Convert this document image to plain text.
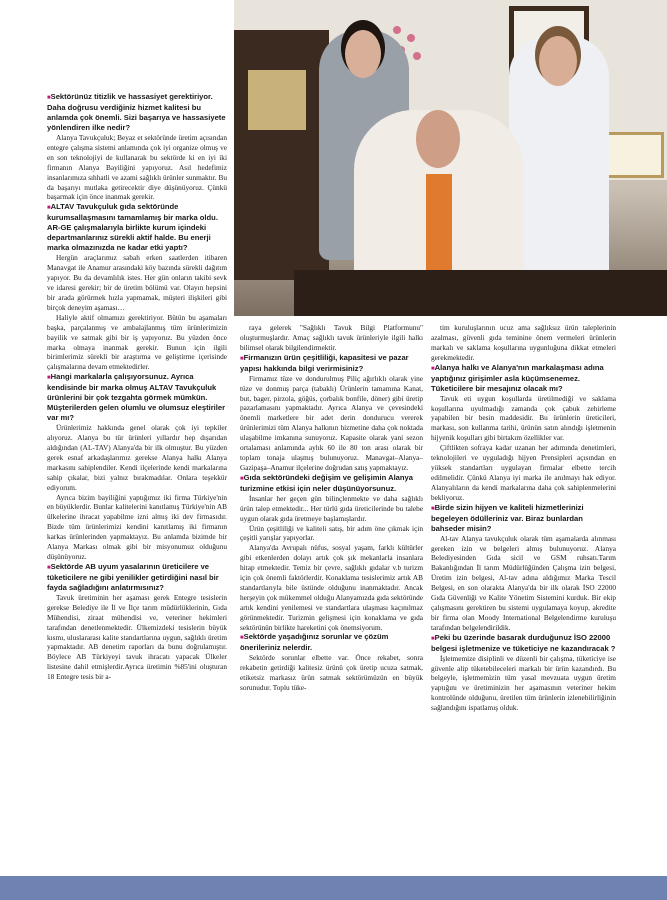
■ Sektörünüz titizlik ve hassasiyet gerektiriyor. Daha doğrusu verdiğiniz hizmet kalitesi bu anlamda çok önemli. Sizi başarıya ve hassasiyete yönlendiren ilke nedir?

Alanya Tavukçuluk; Beyaz et sektöründe üretim açısından entegre çalışma sistemi anlamında çok iyi organize olmuş ve en son teknolojiyi de kullanarak bu sektörde ki en iyi iki firmanın Alanya Bayiliğini yapıyoruz. Asıl hedefimiz insanlarımıza sıhhatli ve azami sağlıklı ürünler sunmaktır. Bu da başarıyı mutlaka getirecektir diye düşünüyoruz. Çünkü başarmak için önce inanmak gerekir.

■ ALTAV Tavukçuluk gıda sektöründe kurumsallaşmasını tamamlamış bir marka oldu. AR-GE çalışmalarıyla birlikte kurum içindeki departmanlarınız sürekli aktif halde. Bu enerji marka olmazınızda ne kadar etki yaptı?

Hergün araçlarımız sabah erken saatlerden itibaren Manavgat ile Anamur arasındaki köy bazında sürekli dağıtım yapıyor. Bu da devamlılık istes. Her gün onların takibi sevk ve idaresi gerekir; bir de üretim bölümü var. Olayın hepsini bir arada görürmek hızla yapmamak, müşteri ilişkileri gibi birçok deneyim aşaması…

Haliyle aktif olmamızı gerektiriyor. Bütün bu aşamaları başka, parçalanmış ve ambalajlanmış tüm ürünlerimizin bayilik ve satmak gibi bir iş yapıyoruz. Bu yüzden önce marka olmaya inanmak gerekir. Bunun için ilgili birimlerimiz sürekli bir araştırma ve geliştirme içerisinde çalışmalarına devam etmektedirler.

■ Hangi markalarla çalışıyorsunuz. Ayrıca kendisinde bir marka olmuş ALTAV Tavukçuluk ürünlerini bir çok tezgahta görmek mümkün. Müşterilerden gelen olumlu ve olumsuz eleştiriler var mı?

Ürünlerimiz hakkında genel olarak çok iyi tepkiler alıyoruz. Alanya bu tür ürünleri yıllardır hep dışarıdan aldığından (AL-TAV) Alanya'da bir ilk olmuştur. Bu yüzden gerek esnaf arkadaşlarımız gerekse Alanya halkı Alanya markasını sahiplendiler. Kendi ilçelerinde kendi markalarına sahip çıkalar, bizi yalnız bırakmadılar. Onlara teşekkür ediyorum.

Ayrıca bizim bayiliğini yaptığımız iki firma Türkiye'nin en büyüklerdir. Bunlar kalitelerini kanıtlamış Türkiye'nin AB ülkelerine ihracat yapabilme izni almış iki dev firmasıdır. Bizde tüm ürünlerimizi kendini kanıtlamış iki firmanın karkas ürünlerinden yapmaktayız. Bu anlamda bizimde bir Alanya Markası olmak gibi bir misyonumuz olduğunu düşünüyoruz.

■ Sektörde AB uyum yasalarının üreticilere ve tüketicilere ne gibi yenilikler getirdiğini nasıl bir fayda sağladığını anlatırmısınız?

Tavuk üretiminin her aşaması gerek Entegre tesislerin gerekse Belediye ile İl ve İlçe tarım müdürlüklerinin, Gıda Mühendisi, ziraat mühendisi ve, veteriner hekimleri tarafından denetlenmektedir. Ülkemizdeki tesislerin büyük kısmı, uluslararası kalite standartlarına uygun, sağlıklı üretim yapmaktadır. AB denetim raporları da bunu doğrulamıştır. Böylece AB Türkiyeyi tavuk ihracatı yapacak Ülkeler listesine dahil etmişlerdir.Ayrıca üretimin %85'ini oluşturan 18 Entegre tesis bir a-

raya gelerek "Sağlıklı Tavuk Bilgi Platformunu" oluşturmuşlardır. Amaç sağlıklı tavuk ürünleriyle ilgili halkı bilimsel olarak bilgilendirmektir.

■ Firmanızın ürün çeşitliliği, kapasitesi ve pazar yapısı hakkında bilgi verirmisiniz?

Firmamız tüze ve dondurulmuş Piliç ağırlıklı olarak yine tüze ve donmuş parça (tabaklı) Ürünlerin tamamına Kanat, but, bager, pirzola, göğüs, çorbalık bonfile, döner) gibi üretip pazarlamasını yapmaktadır. Ayrıca Alanya ve çevesindeki önemli marketlere bir adet derin dondurucu vererek ürünlerimizi tüm Alanya halkının hizmetine daha çok noktada ulaşabilme imkanına sunuyoruz. Kapasite olarak yani sezon ortalaması anlamında aylık 60 ile 80 ton arası olarak bir toplam tonaja ulaşmış bulunuyoruz. Manavgat–Alanya–Gazipaşa–Anamur ilçelerine doğrudan satış yapmaktayız.

■ Gıda sektöründeki değişim ve gelişimin Alanya turizmine etkisi için neler düşünüyorsunuz.

İnsanlar her geçen gün bilinçlenmekte ve daha sağlıklı ürün talep etmektedir... Her türlü gıda üreticilerinde bu talebe uygun olarak gıda üretmeye başlamışlardır.

Ürün çeşitliliği ve kaliteli satış, bir adım öne çıkmak için çeşitli yarışlar yapıyorlar.

Alanya'da Avrupalı nüfus, sosyal yaşam, farklı kültürler gibi etkenlerden dolayı artık çok şık mekanlarla insanlara hitap etmektedir. Temiz bir çevre, sağlıklı gıdalar v.b turizm için çok önemli faktörlerdir. Konaklama tesislerimiz artık AB standartlarıyla bile üstünde olduğunu inanmaktadır. Ancak herşeyin çok mükemmel olduğu Alanyamızda gıda sektöründe artık kendini yenilemesi ve standartlara ulaşması kaçınılmaz görünmektedir. Turizmin gelişmesi için konaklama ve gıda sektörünün birlikte hareketini çok önemsiyorum.

■ Sektörde yaşadığınız sorunlar ve çözüm önerileriniz nelerdir.

Sektörde sorunlar elbette var. Önce rekabet, sonra rekabetin getirdiği kalitesiz ürünü çok üretip ucuza satmak, etiketsiz markasız ürün satmak sektörümüzün en büyük sorunudur. Toplu tüke-

tim kuruluşlarının ucuz ama sağlıksız ürün taleplerinin azalması, güvenli gıda teminine önem vermeleri ürünlerin markalı ve saklama koşullarına uygunluğuna dikkat etmeleri gerekmektedir.

■ Alanya halkı ve Alanya'nın markalaşması adına yaptığınız girişimler asla küçümsenemez. Tüketicilere bir mesajınız olacak mı?

Tavuk eti uygun koşullarda üretilmediği ve saklama koşullarına uyulmadığı zamanda çok çabuk zehirleme yapabilen bir besin maddesidir. Bu ürünlerin üreticileri, markası, son kullanma tarihi, ürünün satın alındığı işletmenin hijyenik koşulları gibi birtakım özellikler var.

Çiftlikten sofraya kadar uzanan her adımında denetimleri, teknolojileri ve uyguladığı hijyen Prensipleri açısından en yüksek standartları uygulayan firmalar elbette tercih edilmelidir. Çünkü Alanya iyi marka ile anılmayı hak ediyor. Alanyalıların da kendi markalarına daha çok sahiplenmelerini bekliyoruz.

■ Birde sizin hijyen ve kaliteli hizmetlerinizi begeleyen ödülleriniz var. Biraz bunlardan bahseder misin?

Al-tav Alanya tavukçuluk olarak tüm aşamalarda alınması gereken izin ve belgeleri almış bulunuyoruz. Alanya Belediyesinden Gıda sicil ve GSM ruhsatı.Tarım Bakanlığından İl tarım Müdürlüğünden Çalışma izin belgesi, Üretim izin belgesi, Al-tav adına aldığımız Marka Tescil Belgesi, en son olarakta Alanya'da bir ilk olarak İSO 22000 Gıda Güvenliği ve Kalite Yönetim Sistemini kurduk. Bir ekip çalışmasını gerektiren bu sistemi uygulamaya koyup, akredite bir firma olan Moody International Belgelendirme kuruluşu tarafından belgelendirildik.

■ Peki bu üzerinde basarak durduğunuz İSO 22000 belgesi işletmenize ve tüketiciye ne kazandıracak ?

İşletmemize disiplinli ve düzenli bir çalışma, tüketiciye ise güvenle alip tüketebileceleri markalı bir ürün kazandırdı. Bu belgeyle, işletmemizin tüm yasal mevzuata uygun üretim yaptığını ve üretiminizin her aşamasının veteriner hekim kontrolünde olduğunu, üretilen tüm ürünlerin izlenebilirliğinin sağlandığını ispatlamış olduk.
